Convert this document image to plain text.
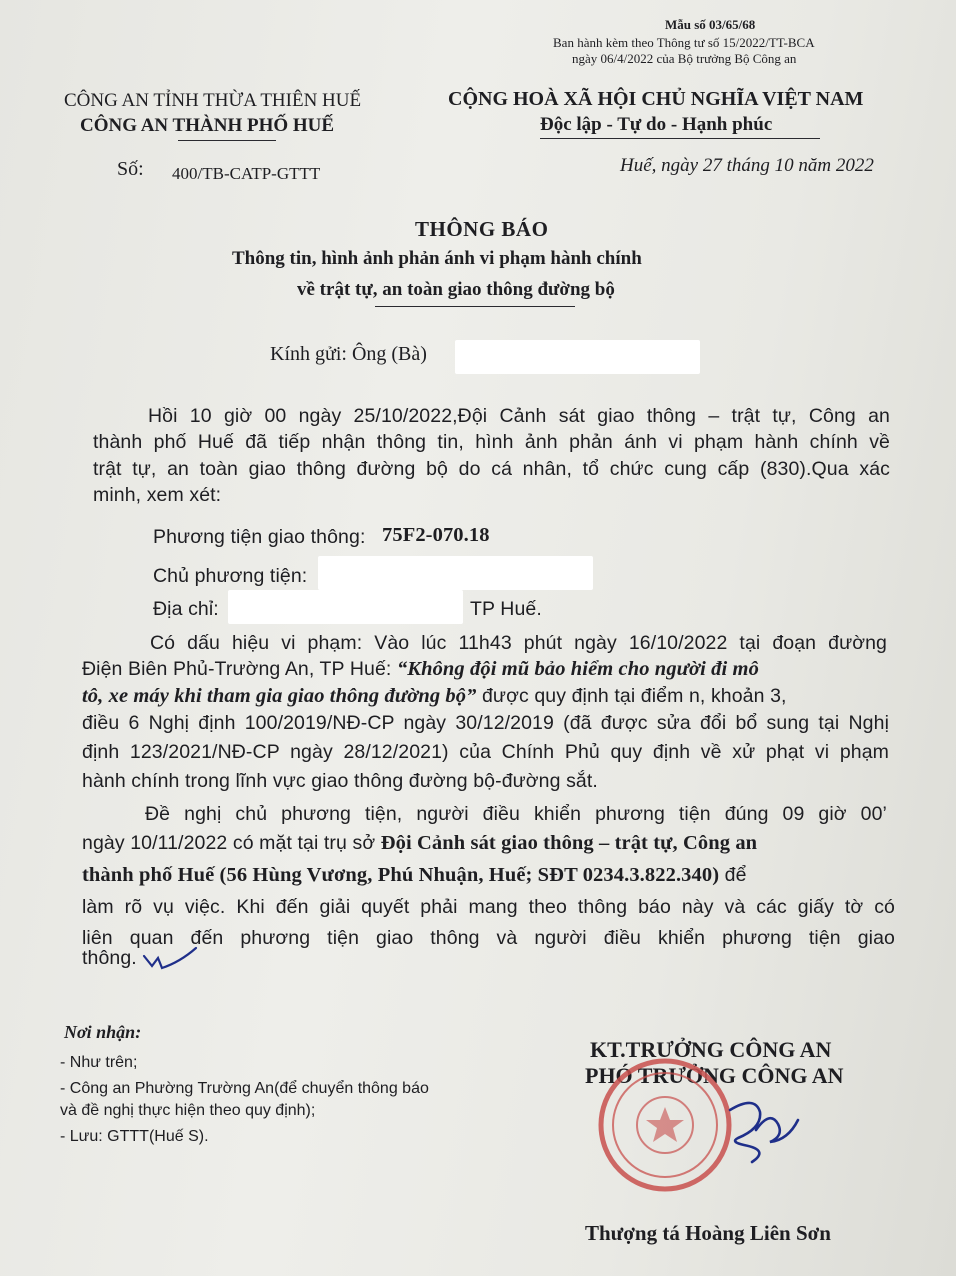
Mẫu số 03/65/68
Ban hành kèm theo Thông tư số 15/2022/TT-BCA
ngày 06/4/2022 của Bộ trưởng Bộ Công an
CÔNG AN TỈNH THỪA THIÊN HUẾ
CÔNG AN THÀNH PHỐ HUẾ
CỘNG HOÀ XÃ HỘI CHỦ NGHĨA VIỆT NAM
Độc lập - Tự do - Hạnh phúc
Số: 400/TB-CATP-GTTT	Huế, ngày 27 tháng 10 năm 2022
THÔNG BÁO
Thông tin, hình ảnh phản ánh vi phạm hành chính
về trật tự, an toàn giao thông đường bộ
Kính gửi: Ông (Bà)
Hồi 10 giờ 00 ngày 25/10/2022,Đội Cảnh sát giao thông – trật tự, Công an
thành phố Huế đã tiếp nhận thông tin, hình ảnh phản ánh vi phạm hành chính về
trật tự, an toàn giao thông đường bộ do cá nhân, tổ chức cung cấp (830).Qua xác
minh, xem xét:
Phương tiện giao thông: 75F2-070.18
Chủ phương tiện:
Địa chỉ:	TP Huế.
Có dấu hiệu vi phạm: Vào lúc 11h43 phút ngày 16/10/2022 tại đoạn đường
Điện Biên Phủ-Trường An, TP Huế: “Không đội mũ bảo hiểm cho người đi mô
tô, xe máy khi tham gia giao thông đường bộ” được quy định tại điểm n, khoản 3,
điều 6 Nghị định 100/2019/NĐ-CP ngày 30/12/2019 (đã được sửa đổi bổ sung tại Nghị
định 123/2021/NĐ-CP ngày 28/12/2021) của Chính Phủ quy định về xử phạt vi phạm
hành chính trong lĩnh vực giao thông đường bộ-đường sắt.
Đề nghị chủ phương tiện, người điều khiển phương tiện đúng 09 giờ 00’
ngày 10/11/2022 có mặt tại trụ sở Đội Cảnh sát giao thông – trật tự, Công an
thành phố Huế (56 Hùng Vương, Phú Nhuận, Huế; SĐT 0234.3.822.340) để
làm rõ vụ việc. Khi đến giải quyết phải mang theo thông báo này và các giấy tờ có
liên quan đến phương tiện giao thông và người điều khiển phương tiện giao
thông.
Nơi nhận:
- Như trên;
- Công an Phường Trường An(để chuyển thông báo
và đề nghị thực hiện theo quy định);
- Lưu: GTTT(Huế S).
KT.TRƯỞNG CÔNG AN
PHÓ TRƯỞNG CÔNG AN
Thượng tá Hoàng Liên Sơn
